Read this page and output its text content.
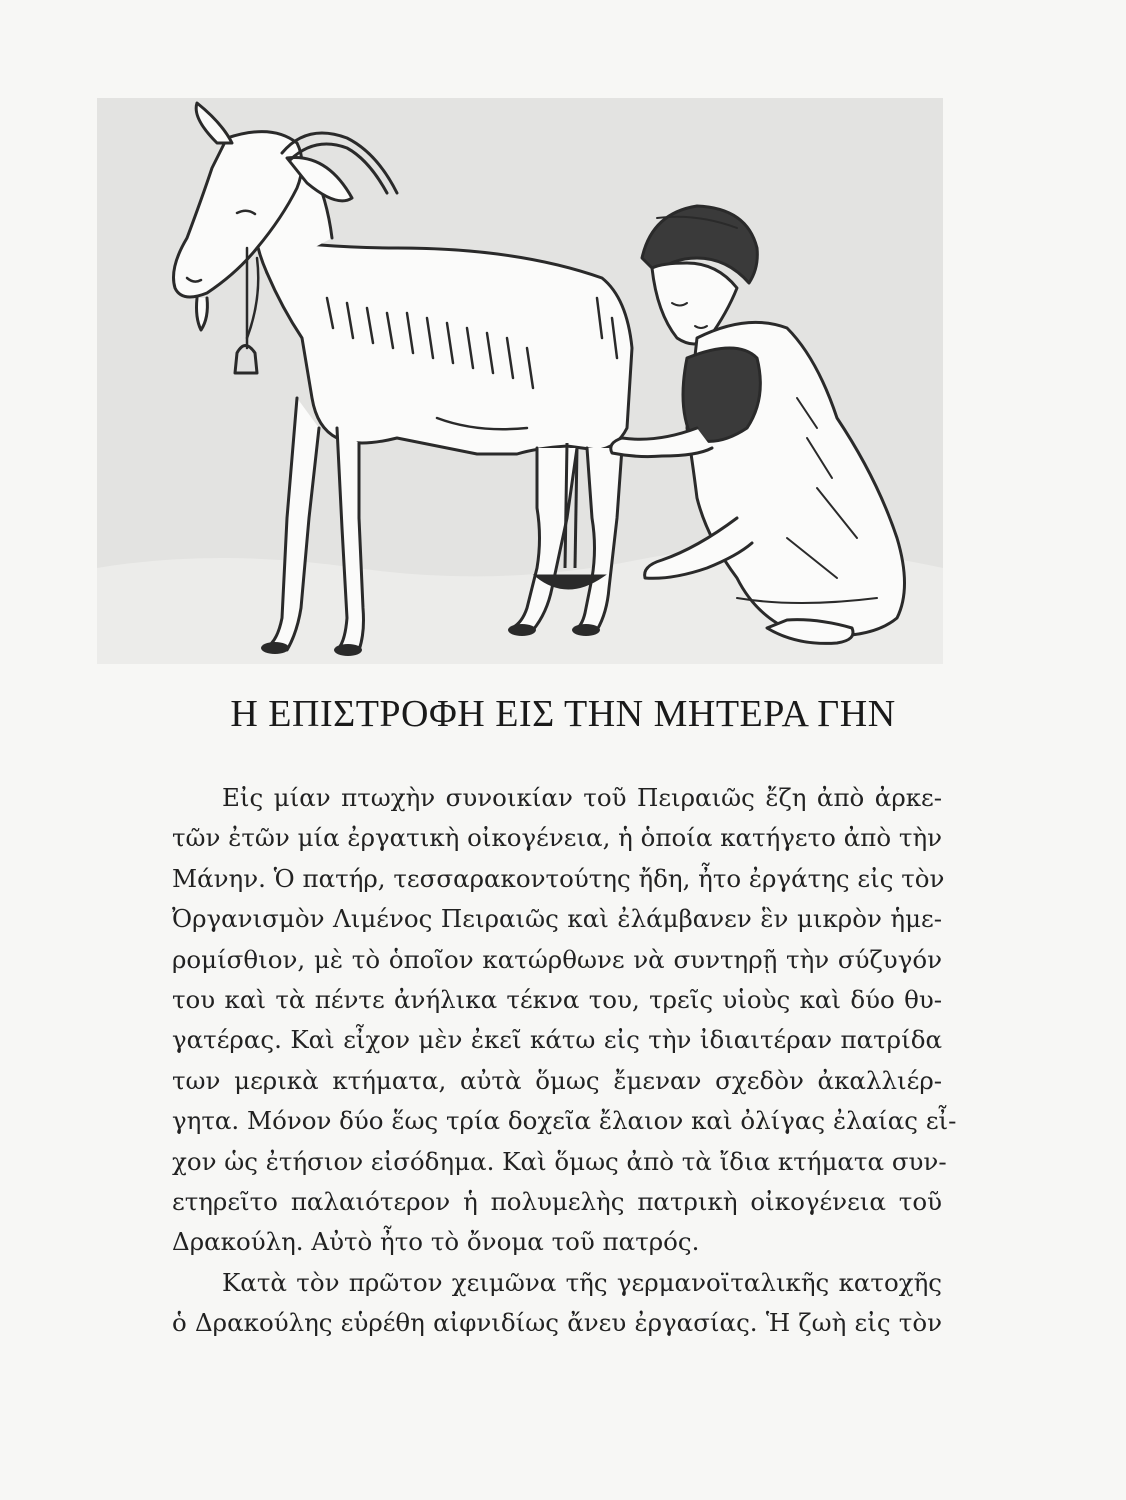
Η ΕΠΙΣΤΡΟΦΗ ΕΙΣ ΤΗΝ ΜΗΤΕΡΑ ΓΗΝ

Εἰς μίαν πτωχὴν συνοικίαν τοῦ Πειραιῶς ἔζη ἀπὸ ἀρκε-
τῶν ἐτῶν μία ἐργατικὴ οἰκογένεια, ἡ ὁποία κατήγετο ἀπὸ τὴν
Μάνην. Ὁ πατήρ, τεσσαρακοντούτης ἤδη, ἦτο ἐργάτης εἰς τὸν
Ὀργανισμὸν Λιμένος Πειραιῶς καὶ ἐλάμβανεν ἓν μικρὸν ἡμε-
ρομίσθιον, μὲ τὸ ὁποῖον κατώρθωνε νὰ συντηρῇ τὴν σύζυγόν
του καὶ τὰ πέντε ἀνήλικα τέκνα του, τρεῖς υἱοὺς καὶ δύο θυ-
γατέρας. Καὶ εἶχον μὲν ἐκεῖ κάτω εἰς τὴν ἰδιαιτέραν πατρίδα
των μερικὰ κτήματα, αὐτὰ ὅμως ἔμεναν σχεδὸν ἀκαλλιέρ-
γητα. Μόνον δύο ἕως τρία δοχεῖα ἔλαιον καὶ ὀλίγας ἐλαίας εἶ-
χον ὡς ἐτήσιον εἰσόδημα. Καὶ ὅμως ἀπὸ τὰ ἴδια κτήματα συν-
ετηρεῖτο παλαιότερον ἡ πολυμελὴς πατρικὴ οἰκογένεια τοῦ
Δρακούλη. Αὐτὸ ἦτο τὸ ὄνομα τοῦ πατρός.

Κατὰ τὸν πρῶτον χειμῶνα τῆς γερμανοϊταλικῆς κατοχῆς
ὁ Δρακούλης εὑρέθη αἰφνιδίως ἄνευ ἐργασίας. Ἡ ζωὴ εἰς τὸν
